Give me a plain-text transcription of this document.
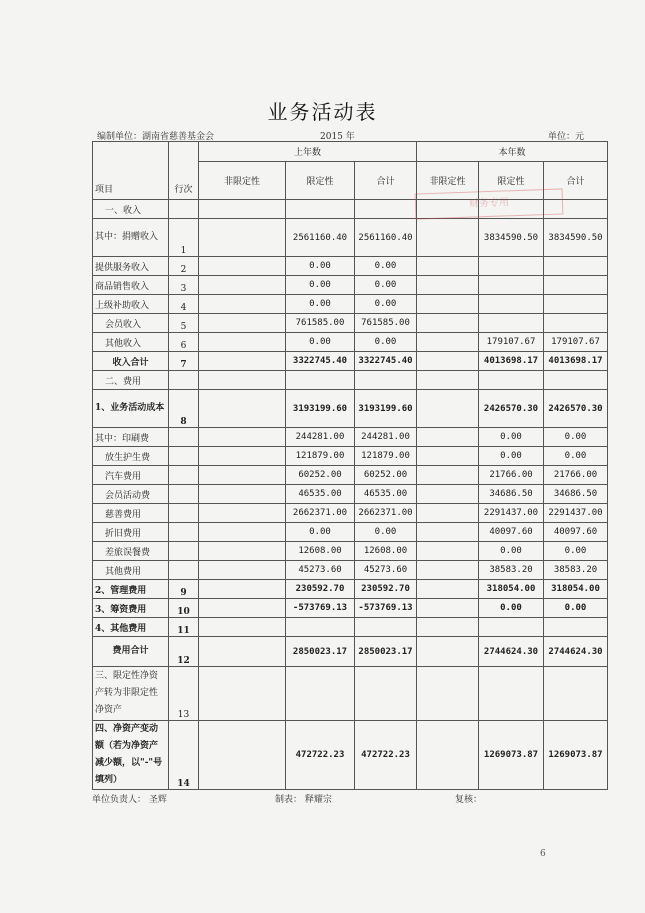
业务活动表
编制单位：湖南省慈善基金会	2015 年	单位：元
项目	行次	上年数			本年数		
		非限定性	限定性	合计	非限定性	限定性	合计
一、收入							
其中：捐赠收入	1		2561160.40	2561160.40		3834590.50	3834590.50
提供服务收入	2		0.00	0.00			
商品销售收入	3		0.00	0.00			
上级补助收入	4		0.00	0.00			
会员收入	5		761585.00	761585.00			
其他收入	6		0.00	0.00		179107.67	179107.67
收入合计	7		3322745.40	3322745.40		4013698.17	4013698.17
二、费用							
1、业务活动成本	8		3193199.60	3193199.60		2426570.30	2426570.30
其中：印刷费			244281.00	244281.00		0.00	0.00
放生护生费			121879.00	121879.00		0.00	0.00
汽车费用			60252.00	60252.00		21766.00	21766.00
会员活动费			46535.00	46535.00		34686.50	34686.50
慈善费用			2662371.00	2662371.00		2291437.00	2291437.00
折旧费用			0.00	0.00		40097.60	40097.60
差旅误餐费			12608.00	12608.00		0.00	0.00
其他费用			45273.60	45273.60		38583.20	38583.20
2、管理费用	9		230592.70	230592.70		318054.00	318054.00
3、筹资费用	10		-573769.13	-573769.13		0.00	0.00
4、其他费用	11						
费用合计	12		2850023.17	2850023.17		2744624.30	2744624.30
三、限定性净资产转为非限定性净资产	13						
四、净资产变动额（若为净资产减少额，以"-"号填列）	14		472722.23	472722.23		1269073.87	1269073.87
财务专用
单位负责人： 圣辉	制表： 释耀宗	复核：
6
